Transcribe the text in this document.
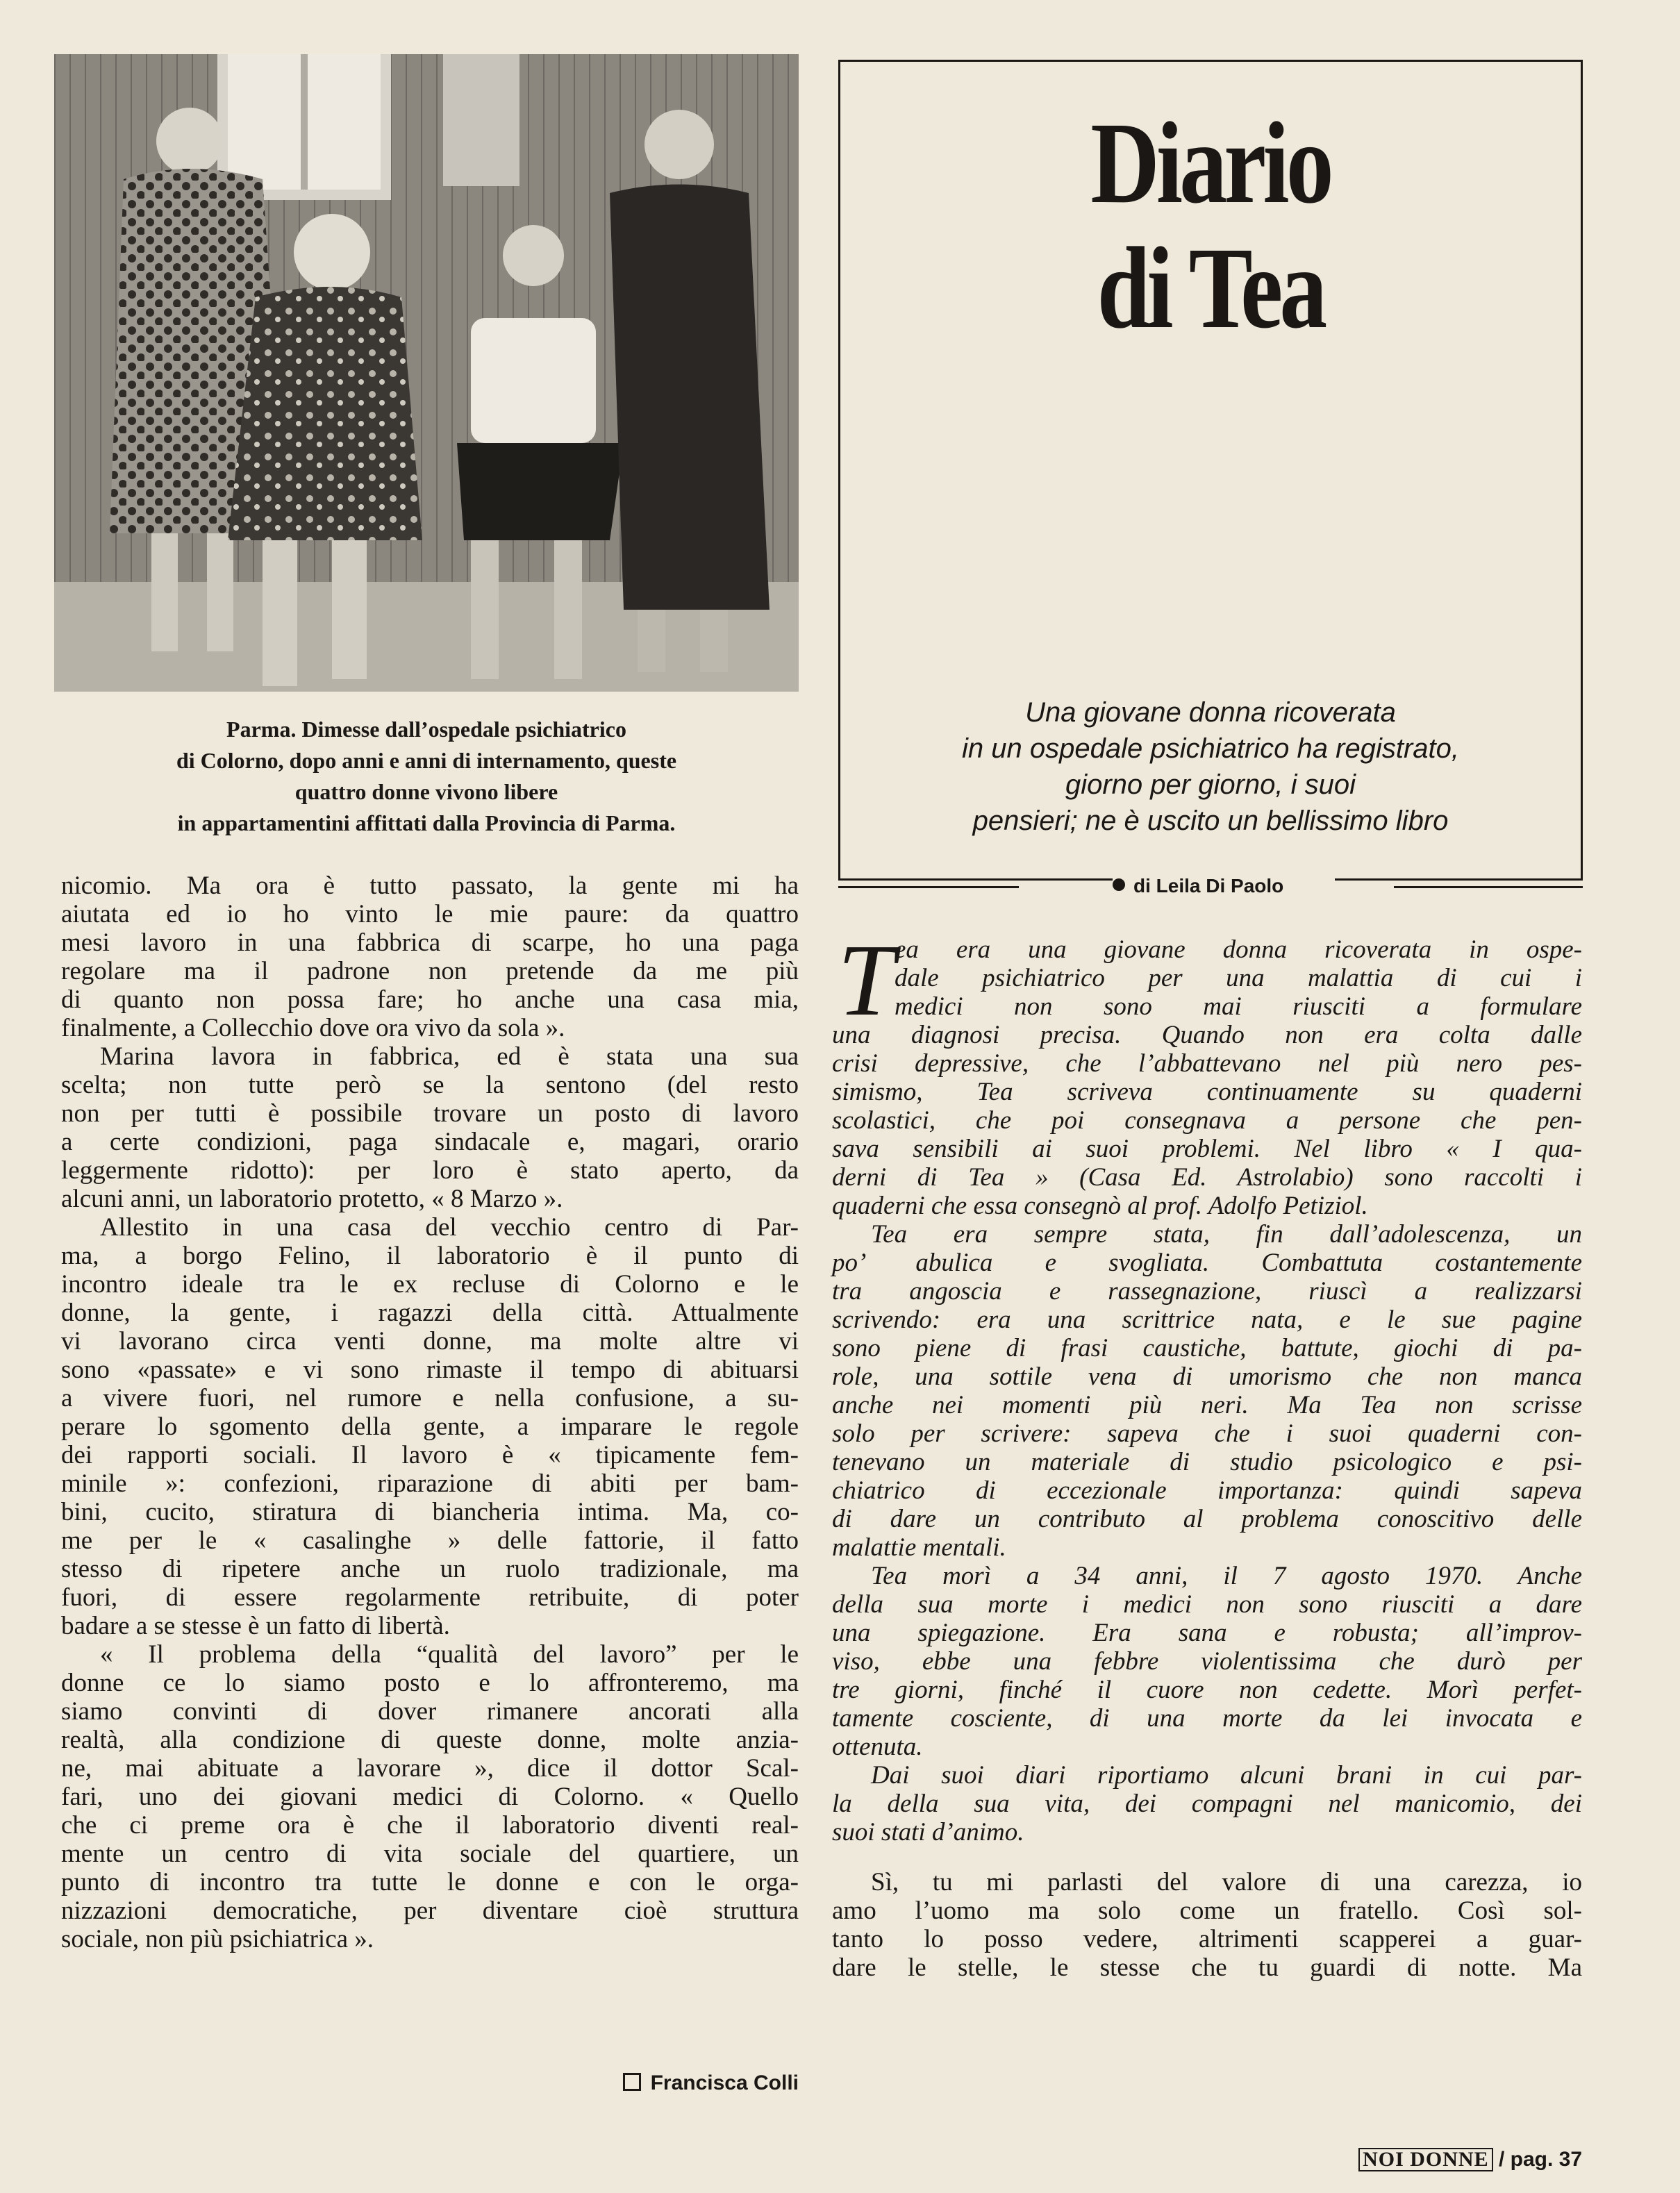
Parma. Dimesse dall’ospedale psichiatrico
di Colorno, dopo anni e anni di internamento, queste
quattro donne vivono libere
in appartamentini affittati dalla Provincia di Parma.
Diario
di Tea
Una giovane donna ricoverata
in un ospedale psichiatrico ha registrato,
giorno per giorno, i suoi
pensieri; ne è uscito un bellissimo libro
di Leila Di Paolo
nicomio. Ma ora è tutto passato, la gente mi ha
aiutata ed io ho vinto le mie paure: da quattro
mesi lavoro in una fabbrica di scarpe, ho una paga
regolare ma il padrone non pretende da me più
di quanto non possa fare; ho anche una casa mia,
finalmente, a Collecchio dove ora vivo da sola ».
Marina lavora in fabbrica, ed è stata una sua
scelta; non tutte però se la sentono (del resto
non per tutti è possibile trovare un posto di lavoro
a certe condizioni, paga sindacale e, magari, orario
leggermente ridotto): per loro è stato aperto, da
alcuni anni, un laboratorio protetto, « 8 Marzo ».
Allestito in una casa del vecchio centro di Par-
ma, a borgo Felino, il laboratorio è il punto di
incontro ideale tra le ex recluse di Colorno e le
donne, la gente, i ragazzi della città. Attualmente
vi lavorano circa venti donne, ma molte altre vi
sono «passate» e vi sono rimaste il tempo di abituarsi
a vivere fuori, nel rumore e nella confusione, a su-
perare lo sgomento della gente, a imparare le regole
dei rapporti sociali. Il lavoro è « tipicamente fem-
minile »: confezioni, riparazione di abiti per bam-
bini, cucito, stiratura di biancheria intima. Ma, co-
me per le « casalinghe » delle fattorie, il fatto
stesso di ripetere anche un ruolo tradizionale, ma
fuori, di essere regolarmente retribuite, di poter
badare a se stesse è un fatto di libertà.
« Il problema della “qualità del lavoro” per le
donne ce lo siamo posto e lo affronteremo, ma
siamo convinti di dover rimanere ancorati alla
realtà, alla condizione di queste donne, molte anzia-
ne, mai abituate a lavorare », dice il dottor Scal-
fari, uno dei giovani medici di Colorno. « Quello
che ci preme ora è che il laboratorio diventi real-
mente un centro di vita sociale del quartiere, un
punto di incontro tra tutte le donne e con le orga-
nizzazioni democratiche, per diventare cioè struttura
sociale, non più psichiatrica ».
Francisca Colli
T ea era una giovane donna ricoverata in ospe-
dale psichiatrico per una malattia di cui i
medici non sono mai riusciti a formulare
una diagnosi precisa. Quando non era colta dalle
crisi depressive, che l’abbattevano nel più nero pes-
simismo, Tea scriveva continuamente su quaderni
scolastici, che poi consegnava a persone che pen-
sava sensibili ai suoi problemi. Nel libro « I qua-
derni di Tea » (Casa Ed. Astrolabio) sono raccolti i
quaderni che essa consegnò al prof. Adolfo Petiziol.
Tea era sempre stata, fin dall’adolescenza, un
po’ abulica e svogliata. Combattuta costantemente
tra angoscia e rassegnazione, riuscì a realizzarsi
scrivendo: era una scrittrice nata, e le sue pagine
sono piene di frasi caustiche, battute, giochi di pa-
role, una sottile vena di umorismo che non manca
anche nei momenti più neri. Ma Tea non scrisse
solo per scrivere: sapeva che i suoi quaderni con-
tenevano un materiale di studio psicologico e psi-
chiatrico di eccezionale importanza: quindi sapeva
di dare un contributo al problema conoscitivo delle
malattie mentali.
Tea morì a 34 anni, il 7 agosto 1970. Anche
della sua morte i medici non sono riusciti a dare
una spiegazione. Era sana e robusta; all’improv-
viso, ebbe una febbre violentissima che durò per
tre giorni, finché il cuore non cedette. Morì perfet-
tamente cosciente, di una morte da lei invocata e
ottenuta.
Dai suoi diari riportiamo alcuni brani in cui par-
la della sua vita, dei compagni nel manicomio, dei
suoi stati d’animo.
Sì, tu mi parlasti del valore di una carezza, io
amo l’uomo ma solo come un fratello. Così sol-
tanto lo posso vedere, altrimenti scapperei a guar-
dare le stelle, le stesse che tu guardi di notte. Ma
NOI DONNE / pag. 37
